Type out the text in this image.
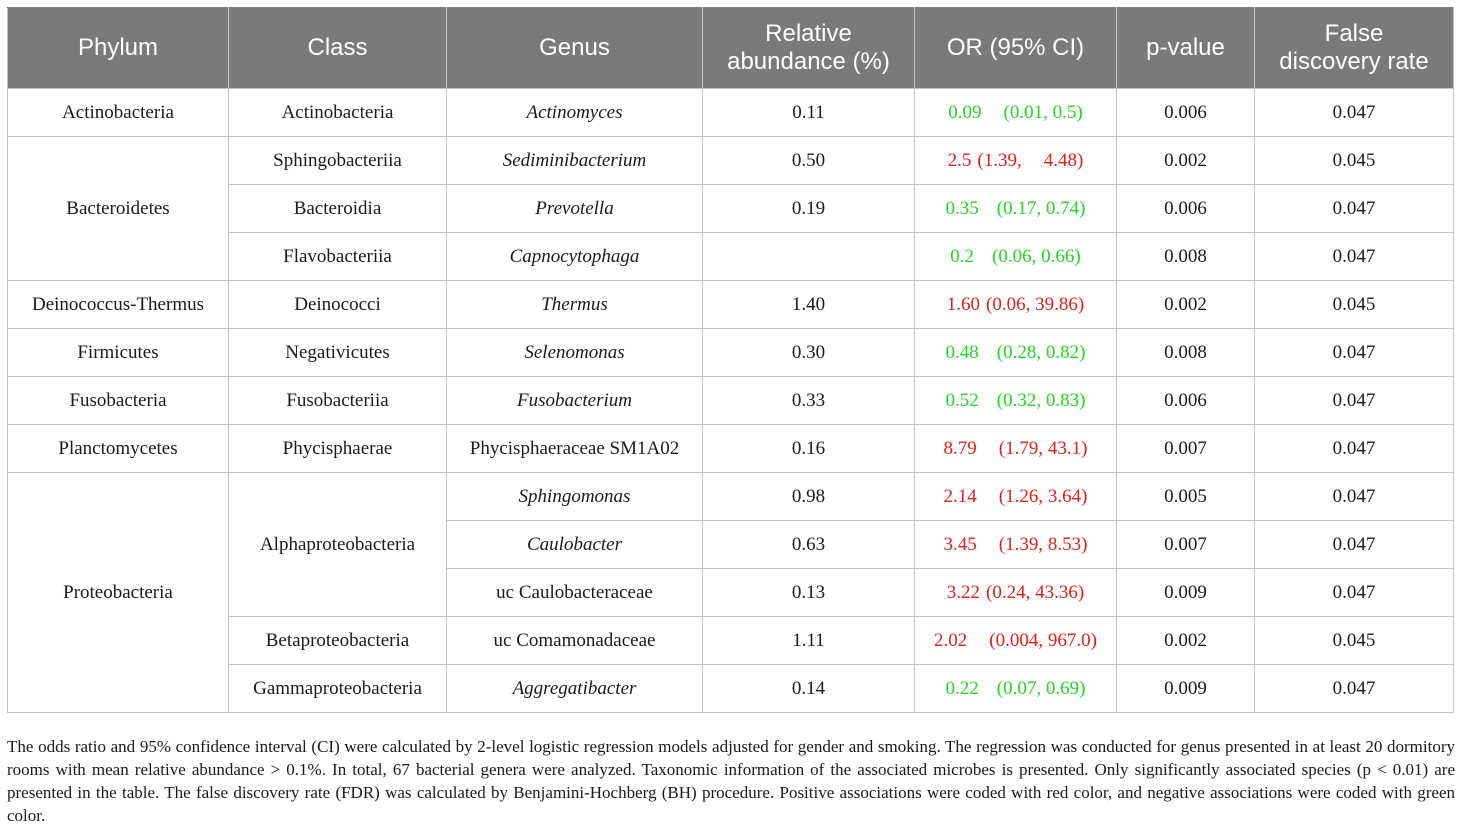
Phylum	Class	Genus	Relative
abundance (%)	OR (95% CI)	p-value	False
discovery rate
Actinobacteria	Actinobacteria	Actinomyces	0.11	0.09 (0.01, 0.5)	0.006	0.047
Bacteroidetes	Sphingobacteriia	Sediminibacterium	0.50	2.5 (1.39, 4.48)	0.002	0.045
	Bacteroidia	Prevotella	0.19	0.35 (0.17, 0.74)	0.006	0.047
	Flavobacteriia	Capnocytophaga		0.2 (0.06, 0.66)	0.008	0.047
Deinococcus-Thermus	Deinococci	Thermus	1.40	1.60 (0.06, 39.86)	0.002	0.045
Firmicutes	Negativicutes	Selenomonas	0.30	0.48 (0.28, 0.82)	0.008	0.047
Fusobacteria	Fusobacteriia	Fusobacterium	0.33	0.52 (0.32, 0.83)	0.006	0.047
Planctomycetes	Phycisphaerae	Phycisphaeraceae SM1A02	0.16	8.79 (1.79, 43.1)	0.007	0.047
Proteobacteria	Alphaproteobacteria	Sphingomonas	0.98	2.14 (1.26, 3.64)	0.005	0.047
		Caulobacter	0.63	3.45 (1.39, 8.53)	0.007	0.047
		uc Caulobacteraceae	0.13	3.22 (0.24, 43.36)	0.009	0.047
	Betaproteobacteria	uc Comamonadaceae	1.11	2.02 (0.004, 967.0)	0.002	0.045
	Gammaproteobacteria	Aggregatibacter	0.14	0.22 (0.07, 0.69)	0.009	0.047

The odds ratio and 95% confidence interval (CI) were calculated by 2-level logistic regression models adjusted for gender and smoking. The regression was conducted for genus presented in at least 20 dormitory rooms with mean relative abundance > 0.1%. In total, 67 bacterial genera were analyzed. Taxonomic information of the associated microbes is presented. Only significantly associated species (p < 0.01) are presented in the table. The false discovery rate (FDR) was calculated by Benjamini-Hochberg (BH) procedure. Positive associations were coded with red color, and negative associations were coded with green color.
